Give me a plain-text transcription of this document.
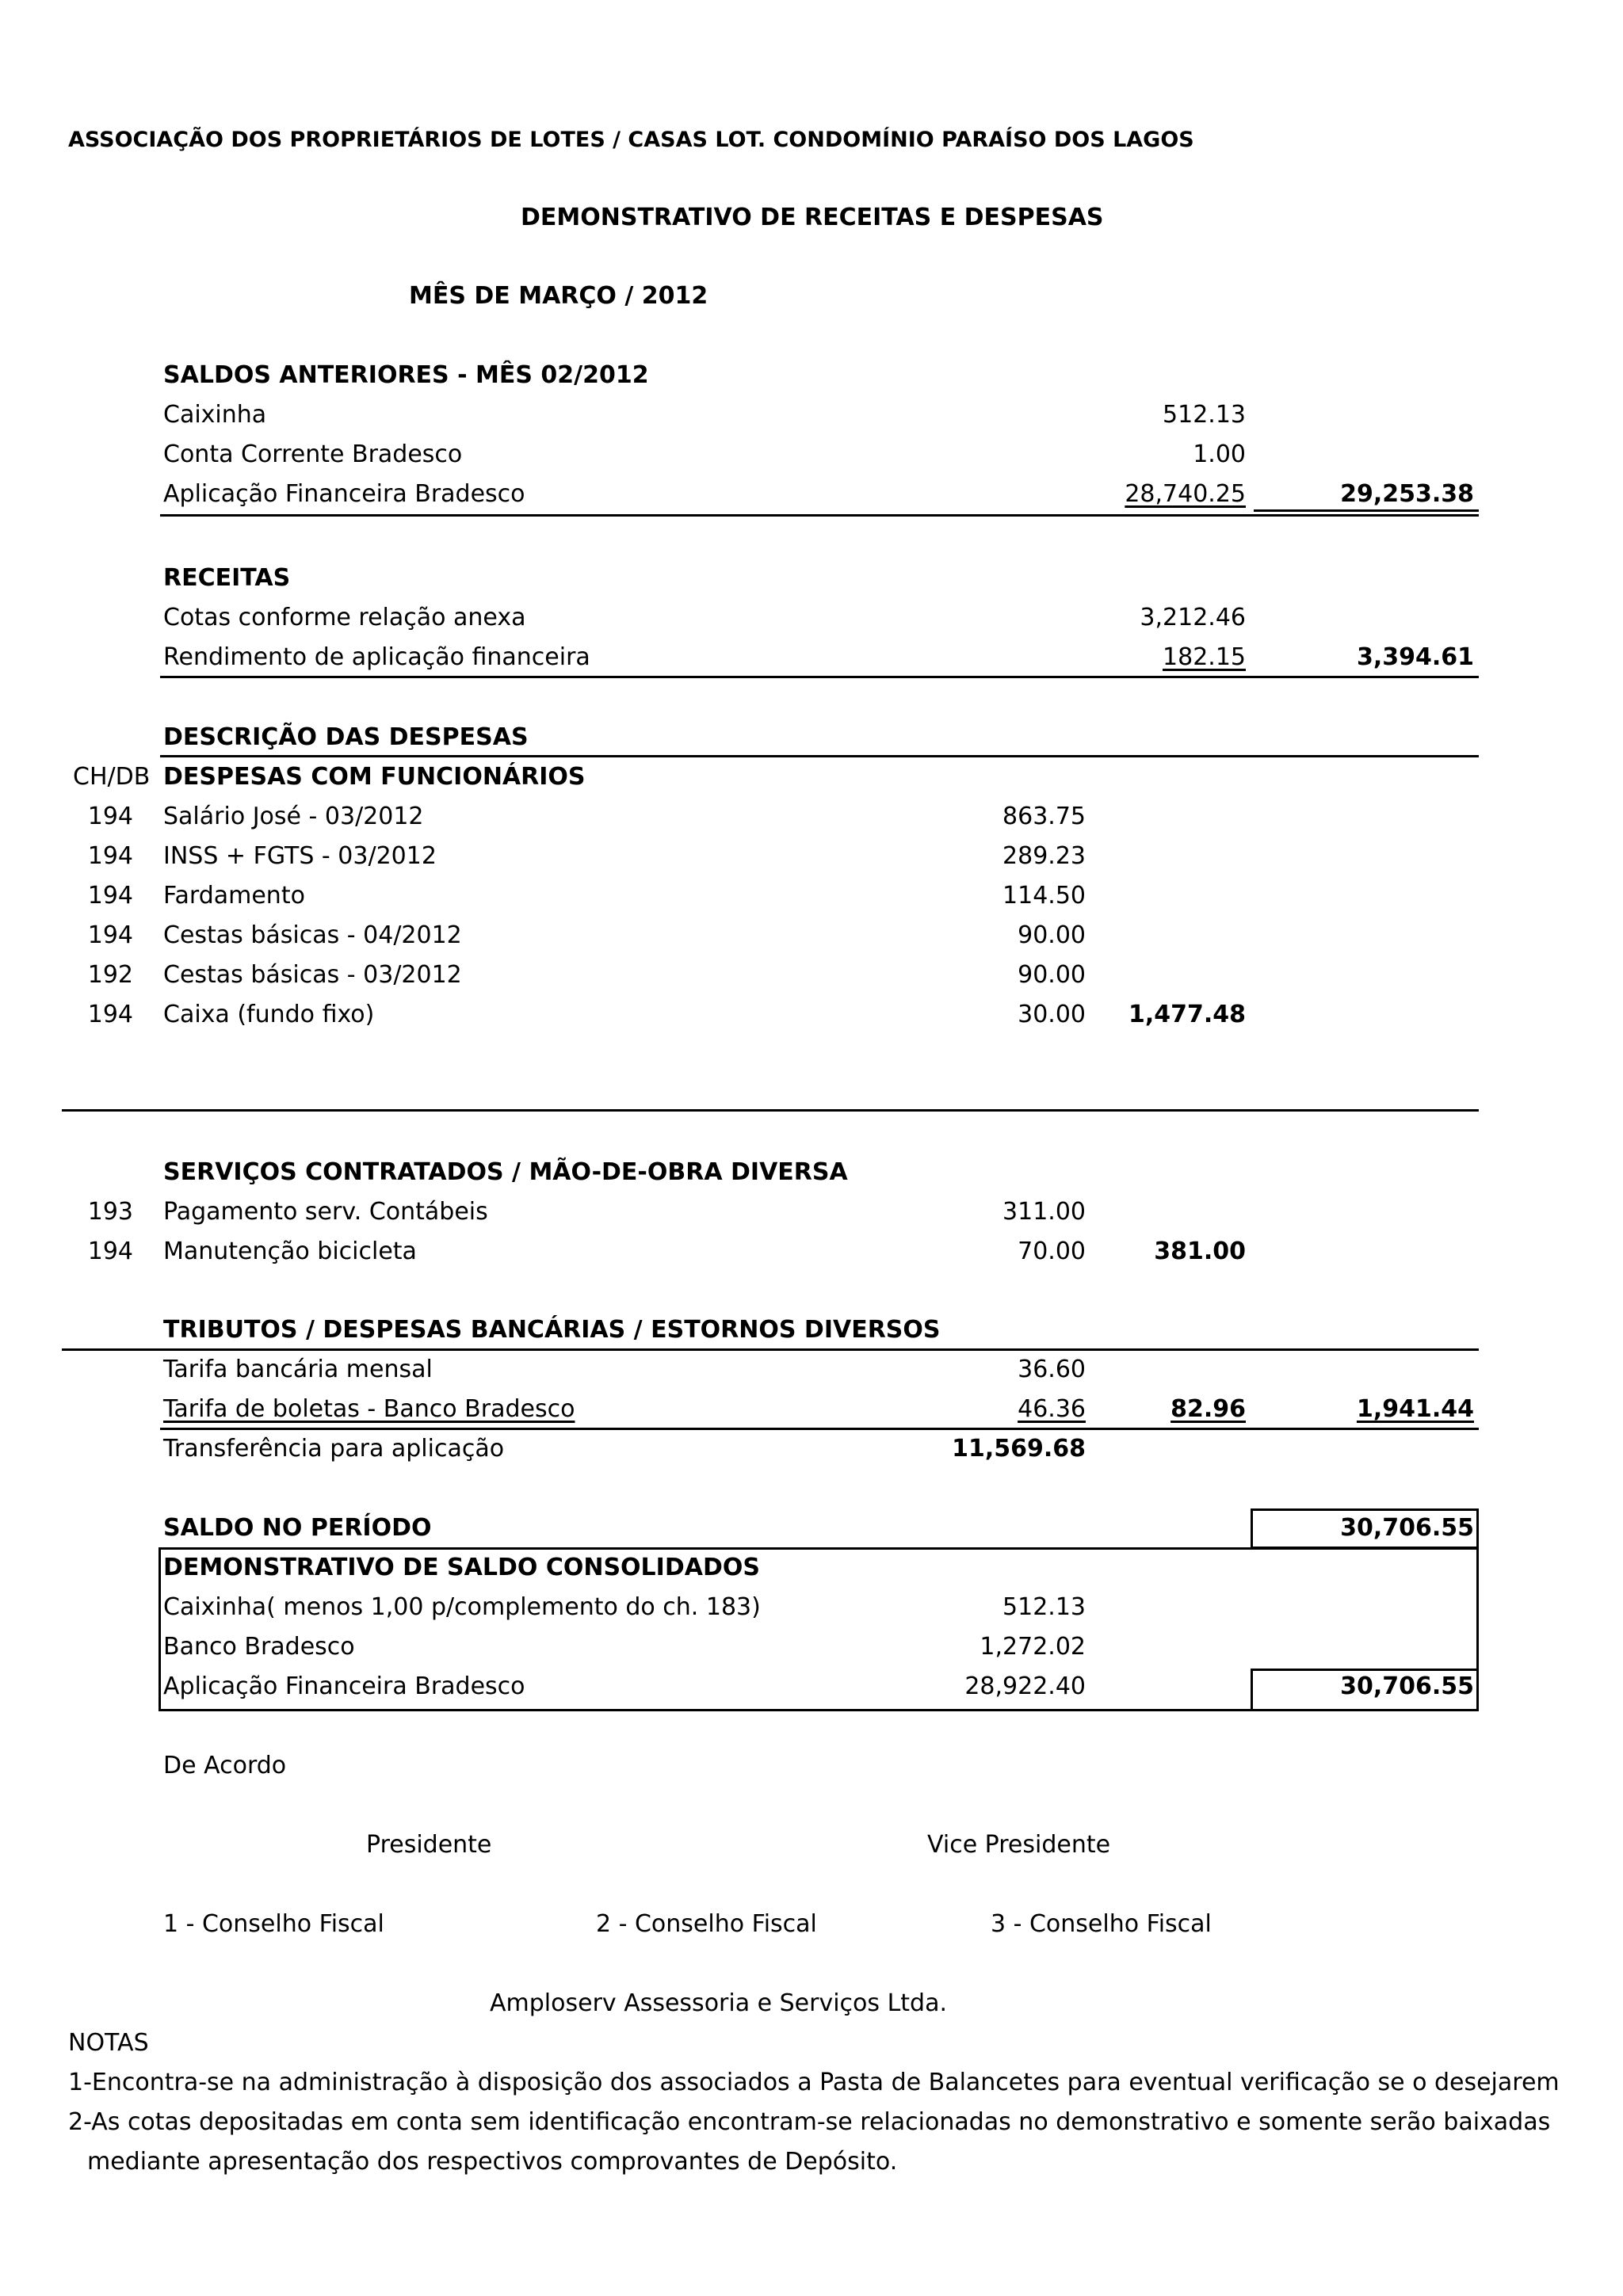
ASSOCIAÇÃO DOS PROPRIETÁRIOS DE LOTES / CASAS LOT. CONDOMÍNIO PARAÍSO DOS LAGOS
DEMONSTRATIVO DE RECEITAS E DESPESAS
MÊS DE MARÇO / 2012
SALDOS ANTERIORES - MÊS 02/2012
Caixinha	512.13
Conta Corrente Bradesco	1.00
Aplicação Financeira Bradesco	28,740.25	29,253.38
RECEITAS
Cotas conforme relação anexa	3,212.46
Rendimento de aplicação financeira	182.15	3,394.61
DESCRIÇÃO DAS DESPESAS
CH/DB DESPESAS COM FUNCIONÁRIOS
194 Salário José - 03/2012	863.75
194 INSS + FGTS - 03/2012	289.23
194 Fardamento	114.50
194 Cestas básicas - 04/2012	90.00
192 Cestas básicas - 03/2012	90.00
194 Caixa (fundo fixo)	30.00	1,477.48
SERVIÇOS CONTRATADOS / MÃO-DE-OBRA DIVERSA
193 Pagamento serv. Contábeis	311.00
194 Manutenção bicicleta	70.00	381.00
TRIBUTOS / DESPESAS BANCÁRIAS / ESTORNOS DIVERSOS
Tarifa bancária mensal	36.60
Tarifa de boletas - Banco Bradesco	46.36	82.96	1,941.44
Transferência para aplicação	11,569.68
SALDO NO PERÍODO	30,706.55
DEMONSTRATIVO DE SALDO CONSOLIDADOS
Caixinha( menos 1,00 p/complemento do ch. 183)	512.13
Banco Bradesco	1,272.02
Aplicação Financeira Bradesco	28,922.40	30,706.55
De Acordo
Presidente	Vice Presidente
1 - Conselho Fiscal	2 - Conselho Fiscal	3 - Conselho Fiscal
Amploserv Assessoria e Serviços Ltda.
NOTAS
1-Encontra-se na administração à disposição dos associados a Pasta de Balancetes para eventual verificação se o desejarem
2-As cotas depositadas em conta sem identificação encontram-se relacionadas no demonstrativo e somente serão baixadas
mediante apresentação dos respectivos comprovantes de Depósito.
